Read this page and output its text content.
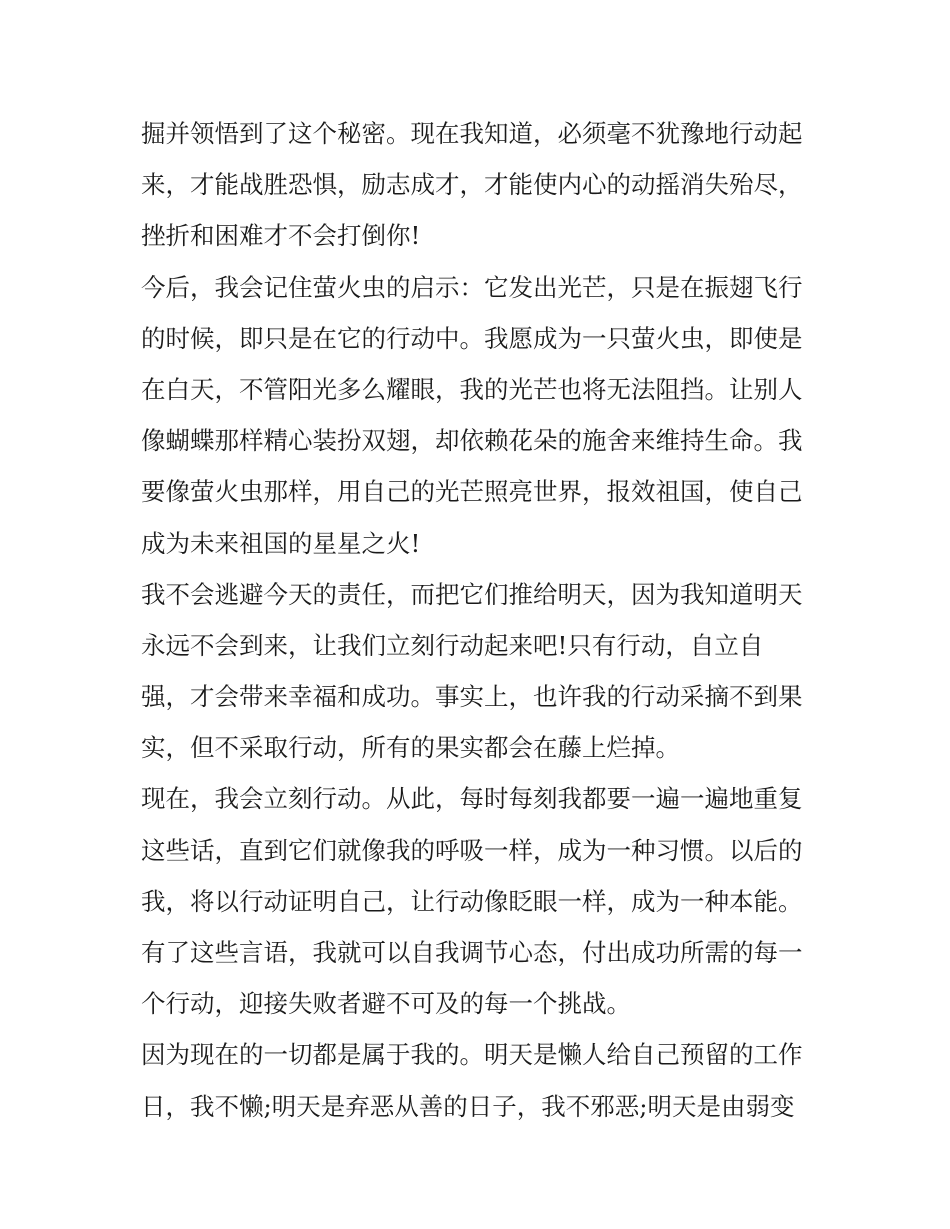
掘并领悟到了这个秘密。现在我知道，必须毫不犹豫地行动起
来，才能战胜恐惧，励志成才，才能使内心的动摇消失殆尽，
挫折和困难才不会打倒你!
今后，我会记住萤火虫的启示：它发出光芒，只是在振翅飞行
的时候，即只是在它的行动中。我愿成为一只萤火虫，即使是
在白天，不管阳光多么耀眼，我的光芒也将无法阻挡。让别人
像蝴蝶那样精心装扮双翅，却依赖花朵的施舍来维持生命。我
要像萤火虫那样，用自己的光芒照亮世界，报效祖国，使自己
成为未来祖国的星星之火!
我不会逃避今天的责任，而把它们推给明天，因为我知道明天
永远不会到来，让我们立刻行动起来吧!只有行动，自立自
强，才会带来幸福和成功。事实上，也许我的行动采摘不到果
实，但不采取行动，所有的果实都会在藤上烂掉。
现在，我会立刻行动。从此，每时每刻我都要一遍一遍地重复
这些话，直到它们就像我的呼吸一样，成为一种习惯。以后的
我，将以行动证明自己，让行动像眨眼一样，成为一种本能。
有了这些言语，我就可以自我调节心态，付出成功所需的每一
个行动，迎接失败者避不可及的每一个挑战。
因为现在的一切都是属于我的。明天是懒人给自己预留的工作
日，我不懒;明天是弃恶从善的日子，我不邪恶;明天是由弱变
